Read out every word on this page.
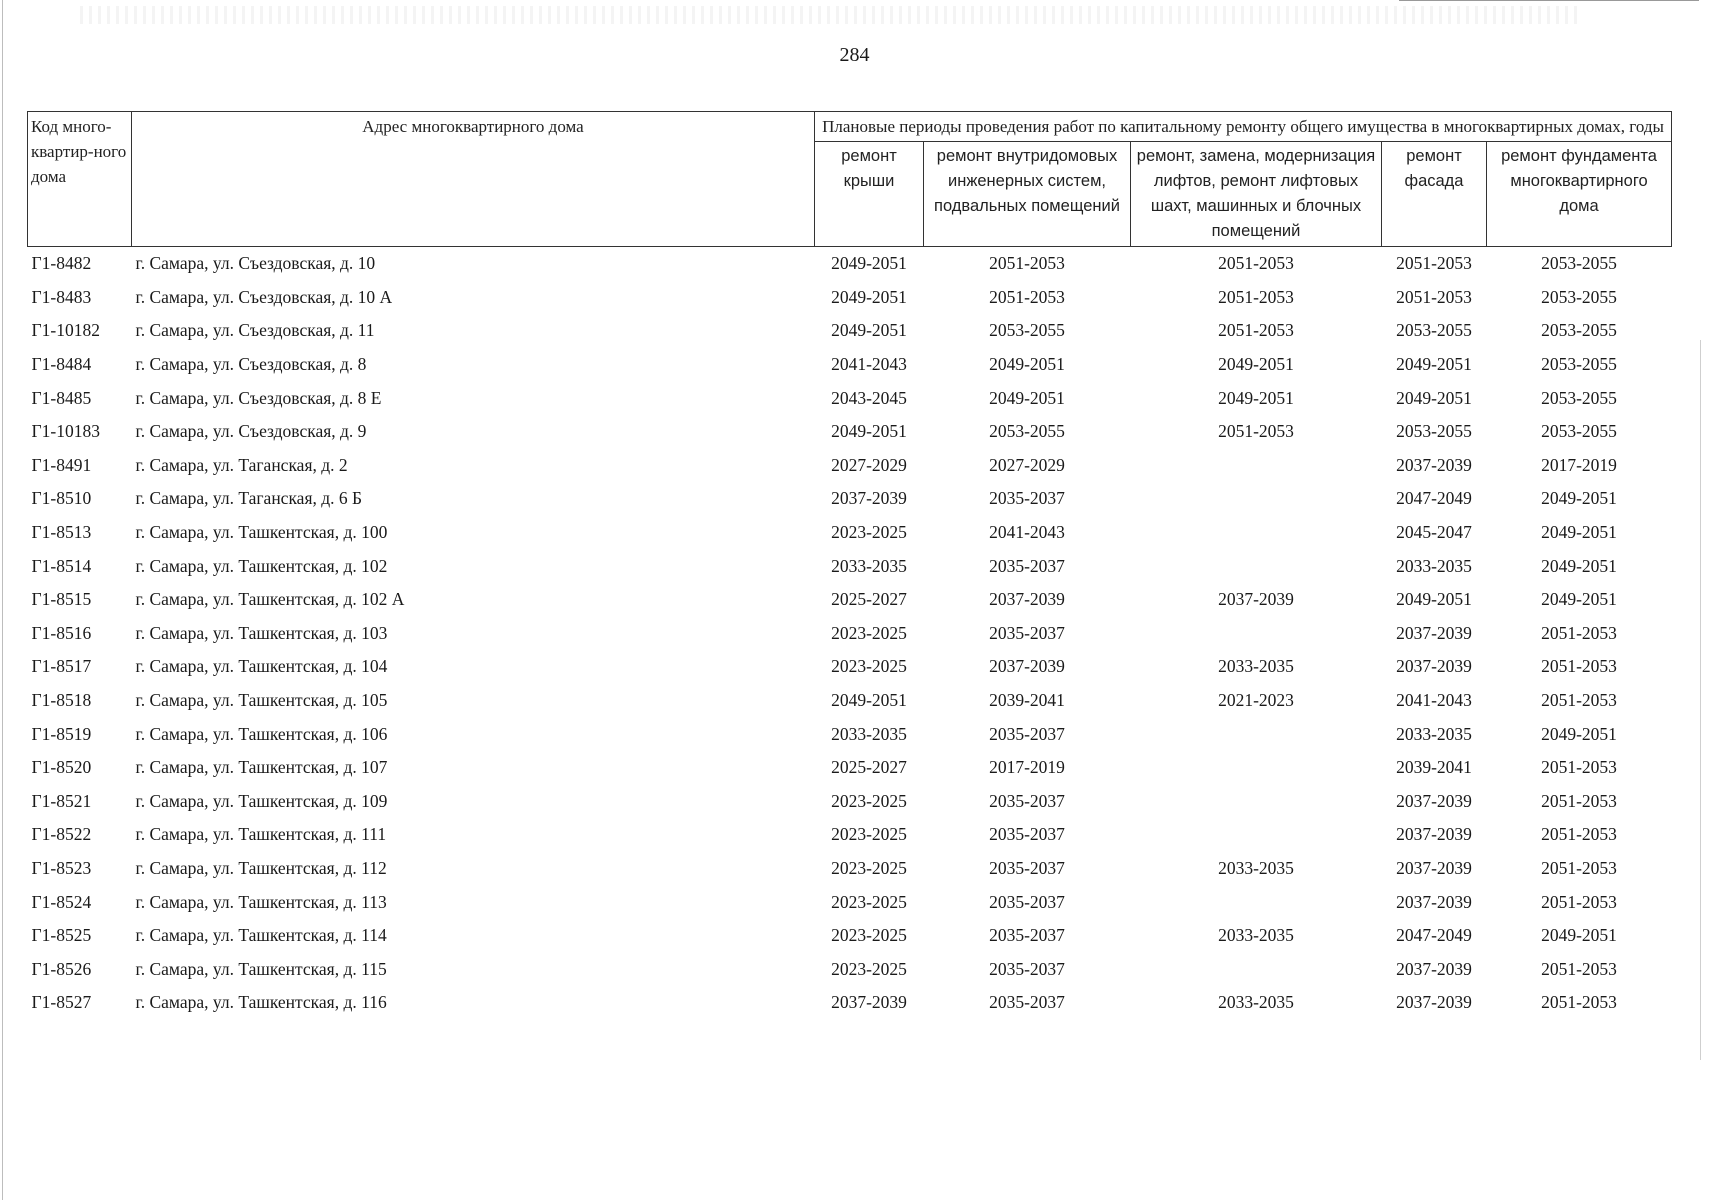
284
Код много-квартир-ного дома	Адрес многоквартирного дома	Плановые периоды проведения работ по капитальному ремонту общего имущества в многоквартирных домах, годы				
		ремонт крыши	ремонт внутридомовых инженерных систем, подвальных помещений	ремонт, замена, модернизация лифтов, ремонт лифтовых шахт, машинных и блочных помещений	ремонт фасада	ремонт фундамента многоквартирного дома
Г1-8482	г. Самара, ул. Съездовская, д. 10	2049-2051	2051-2053	2051-2053	2051-2053	2053-2055
Г1-8483	г. Самара, ул. Съездовская, д. 10 А	2049-2051	2051-2053	2051-2053	2051-2053	2053-2055
Г1-10182	г. Самара, ул. Съездовская, д. 11	2049-2051	2053-2055	2051-2053	2053-2055	2053-2055
Г1-8484	г. Самара, ул. Съездовская, д. 8	2041-2043	2049-2051	2049-2051	2049-2051	2053-2055
Г1-8485	г. Самара, ул. Съездовская, д. 8 Е	2043-2045	2049-2051	2049-2051	2049-2051	2053-2055
Г1-10183	г. Самара, ул. Съездовская, д. 9	2049-2051	2053-2055	2051-2053	2053-2055	2053-2055
Г1-8491	г. Самара, ул. Таганская, д. 2	2027-2029	2027-2029		2037-2039	2017-2019
Г1-8510	г. Самара, ул. Таганская, д. 6 Б	2037-2039	2035-2037		2047-2049	2049-2051
Г1-8513	г. Самара, ул. Ташкентская, д. 100	2023-2025	2041-2043		2045-2047	2049-2051
Г1-8514	г. Самара, ул. Ташкентская, д. 102	2033-2035	2035-2037		2033-2035	2049-2051
Г1-8515	г. Самара, ул. Ташкентская, д. 102 А	2025-2027	2037-2039	2037-2039	2049-2051	2049-2051
Г1-8516	г. Самара, ул. Ташкентская, д. 103	2023-2025	2035-2037		2037-2039	2051-2053
Г1-8517	г. Самара, ул. Ташкентская, д. 104	2023-2025	2037-2039	2033-2035	2037-2039	2051-2053
Г1-8518	г. Самара, ул. Ташкентская, д. 105	2049-2051	2039-2041	2021-2023	2041-2043	2051-2053
Г1-8519	г. Самара, ул. Ташкентская, д. 106	2033-2035	2035-2037		2033-2035	2049-2051
Г1-8520	г. Самара, ул. Ташкентская, д. 107	2025-2027	2017-2019		2039-2041	2051-2053
Г1-8521	г. Самара, ул. Ташкентская, д. 109	2023-2025	2035-2037		2037-2039	2051-2053
Г1-8522	г. Самара, ул. Ташкентская, д. 111	2023-2025	2035-2037		2037-2039	2051-2053
Г1-8523	г. Самара, ул. Ташкентская, д. 112	2023-2025	2035-2037	2033-2035	2037-2039	2051-2053
Г1-8524	г. Самара, ул. Ташкентская, д. 113	2023-2025	2035-2037		2037-2039	2051-2053
Г1-8525	г. Самара, ул. Ташкентская, д. 114	2023-2025	2035-2037	2033-2035	2047-2049	2049-2051
Г1-8526	г. Самара, ул. Ташкентская, д. 115	2023-2025	2035-2037		2037-2039	2051-2053
Г1-8527	г. Самара, ул. Ташкентская, д. 116	2037-2039	2035-2037	2033-2035	2037-2039	2051-2053
